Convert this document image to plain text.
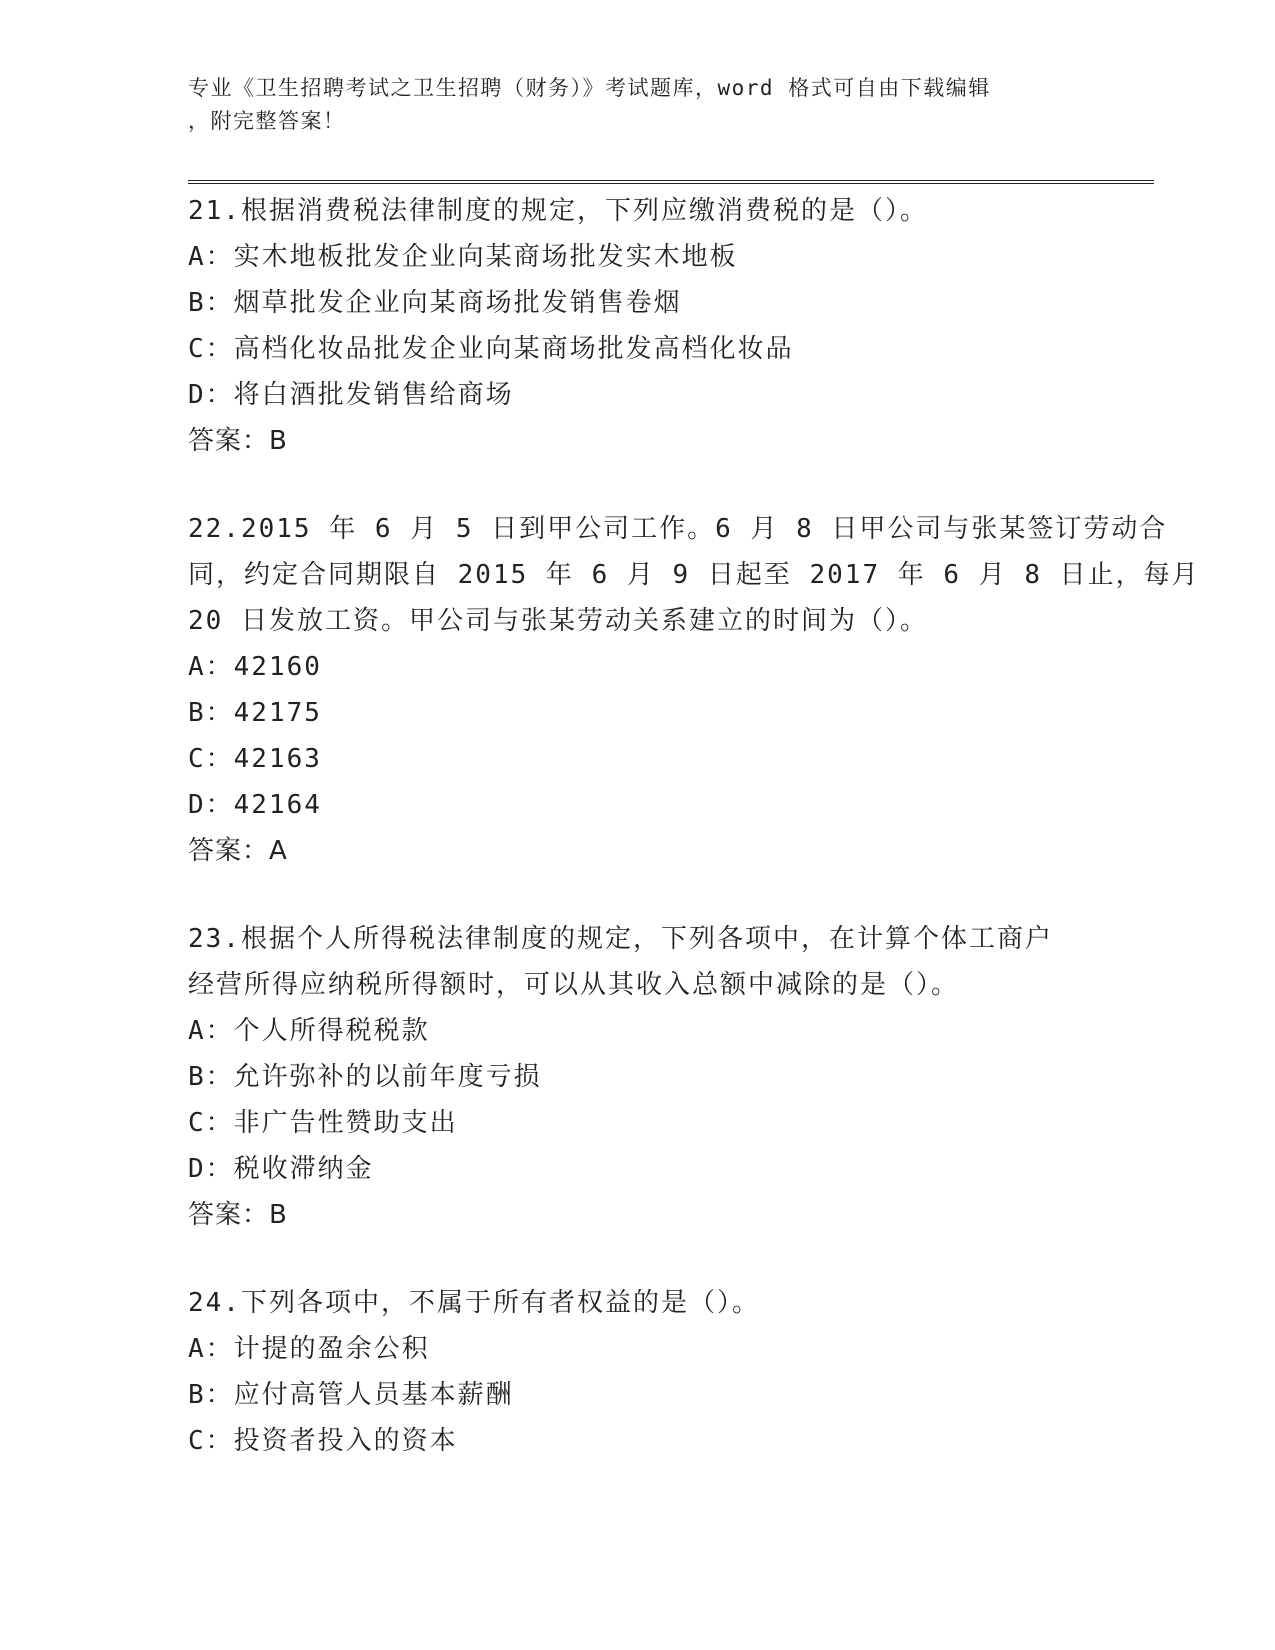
专业《卫生招聘考试之卫生招聘（财务）》考试题库，word 格式可自由下载编辑
，附完整答案！
21.根据消费税法律制度的规定，下列应缴消费税的是（）。
A：实木地板批发企业向某商场批发实木地板
B：烟草批发企业向某商场批发销售卷烟
C：高档化妆品批发企业向某商场批发高档化妆品
D：将白酒批发销售给商场
答案：B
22.2015 年 6 月 5 日到甲公司工作。6 月 8 日甲公司与张某签订劳动合
同，约定合同期限自 2015 年 6 月 9 日起至 2017 年 6 月 8 日止，每月
20 日发放工资。甲公司与张某劳动关系建立的时间为（）。
A：42160
B：42175
C：42163
D：42164
答案：A
23.根据个人所得税法律制度的规定，下列各项中，在计算个体工商户
经营所得应纳税所得额时，可以从其收入总额中减除的是（）。
A：个人所得税税款
B：允许弥补的以前年度亏损
C：非广告性赞助支出
D：税收滞纳金
答案：B
24.下列各项中，不属于所有者权益的是（）。
A：计提的盈余公积
B：应付高管人员基本薪酬
C：投资者投入的资本
